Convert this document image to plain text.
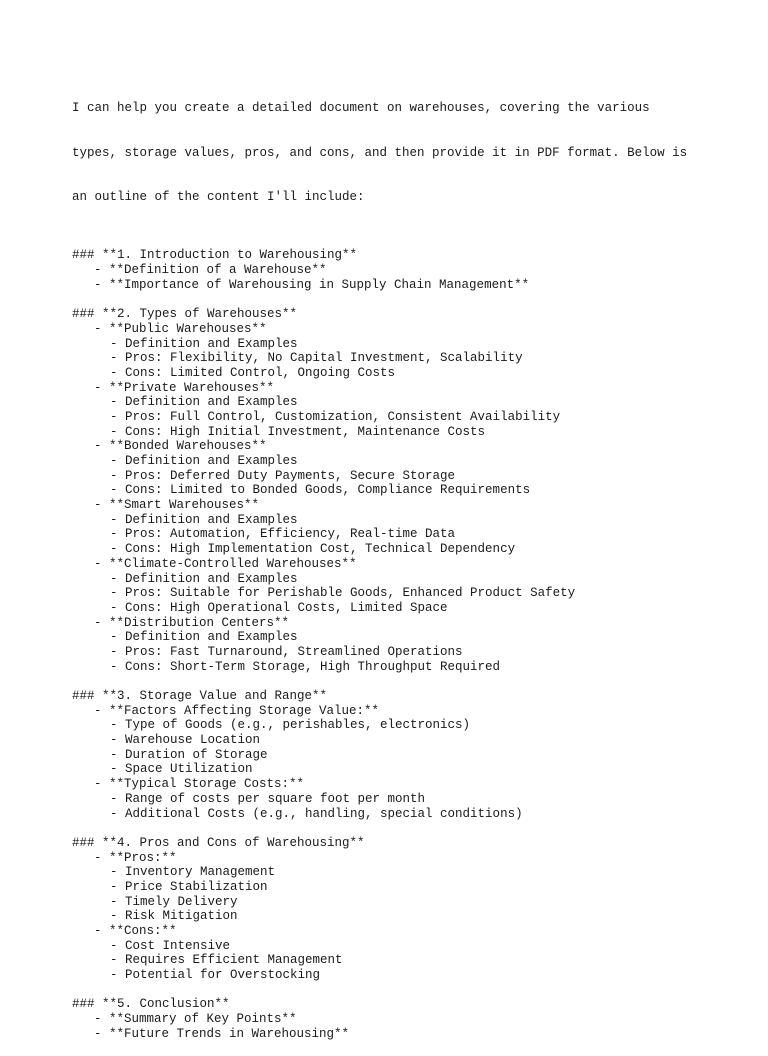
I can help you create a detailed document on warehouses, covering the various

types, storage values, pros, and cons, and then provide it in PDF format. Below is

an outline of the content I'll include:

### **1. Introduction to Warehousing**
- **Definition of a Warehouse**
- **Importance of Warehousing in Supply Chain Management**
### **2. Types of Warehouses**
- **Public Warehouses**
- Definition and Examples
- Pros: Flexibility, No Capital Investment, Scalability
- Cons: Limited Control, Ongoing Costs
- **Private Warehouses**
- Definition and Examples
- Pros: Full Control, Customization, Consistent Availability
- Cons: High Initial Investment, Maintenance Costs
- **Bonded Warehouses**
- Definition and Examples
- Pros: Deferred Duty Payments, Secure Storage
- Cons: Limited to Bonded Goods, Compliance Requirements
- **Smart Warehouses**
- Definition and Examples
- Pros: Automation, Efficiency, Real-time Data
- Cons: High Implementation Cost, Technical Dependency
- **Climate-Controlled Warehouses**
- Definition and Examples
- Pros: Suitable for Perishable Goods, Enhanced Product Safety
- Cons: High Operational Costs, Limited Space
- **Distribution Centers**
- Definition and Examples
- Pros: Fast Turnaround, Streamlined Operations
- Cons: Short-Term Storage, High Throughput Required
### **3. Storage Value and Range**
- **Factors Affecting Storage Value:**
- Type of Goods (e.g., perishables, electronics)
- Warehouse Location
- Duration of Storage
- Space Utilization
- **Typical Storage Costs:**
- Range of costs per square foot per month
- Additional Costs (e.g., handling, special conditions)
### **4. Pros and Cons of Warehousing**
- **Pros:**
- Inventory Management
- Price Stabilization
- Timely Delivery
- Risk Mitigation
- **Cons:**
- Cost Intensive
- Requires Efficient Management
- Potential for Overstocking
### **5. Conclusion**
- **Summary of Key Points**
- **Future Trends in Warehousing**
